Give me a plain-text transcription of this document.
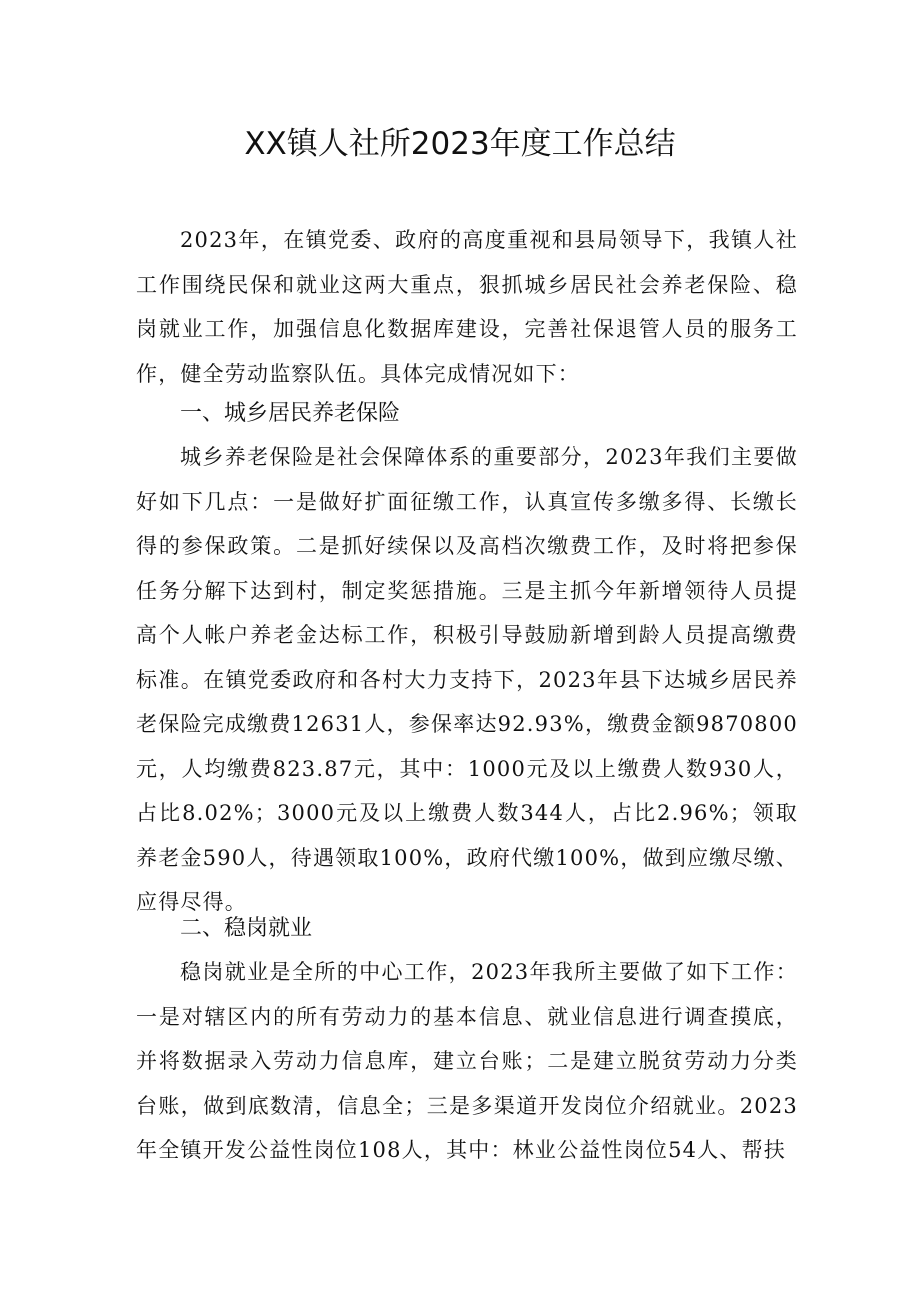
XX镇人社所2023年度工作总结

2023年，在镇党委、政府的高度重视和县局领导下，我镇人社工作围绕民保和就业这两大重点，狠抓城乡居民社会养老保险、稳岗就业工作，加强信息化数据库建设，完善社保退管人员的服务工作，健全劳动监察队伍。具体完成情况如下：

一、城乡居民养老保险

城乡养老保险是社会保障体系的重要部分，2023年我们主要做好如下几点：一是做好扩面征缴工作，认真宣传多缴多得、长缴长得的参保政策。二是抓好续保以及高档次缴费工作，及时将把参保任务分解下达到村，制定奖惩措施。三是主抓今年新增领待人员提高个人帐户养老金达标工作，积极引导鼓励新增到龄人员提高缴费标准。在镇党委政府和各村大力支持下，2023年县下达城乡居民养老保险完成缴费12631人，参保率达92.93%，缴费金额9870800元，人均缴费823.87元，其中：1000元及以上缴费人数930人，占比8.02%；3000元及以上缴费人数344人，占比2.96%；领取养老金590人，待遇领取100%，政府代缴100%，做到应缴尽缴、应得尽得。

二、稳岗就业

稳岗就业是全所的中心工作，2023年我所主要做了如下工作：一是对辖区内的所有劳动力的基本信息、就业信息进行调查摸底，并将数据录入劳动力信息库，建立台账；二是建立脱贫劳动力分类台账，做到底数清，信息全；三是多渠道开发岗位介绍就业。2023年全镇开发公益性岗位108人，其中：林业公益性岗位54人、帮扶
